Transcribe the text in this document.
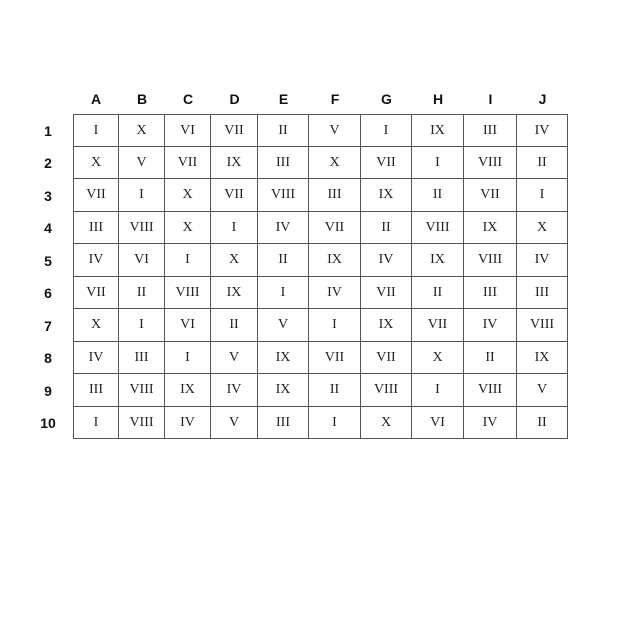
A	B	C	D	E	F	G	H	I	J
1	I	X	VI	VII	II	V	I	IX	III	IV
2	X	V	VII	IX	III	X	VII	I	VIII	II
3	VII	I	X	VII	VIII	III	IX	II	VII	I
4	III	VIII	X	I	IV	VII	II	VIII	IX	X
5	IV	VI	I	X	II	IX	IV	IX	VIII	IV
6	VII	II	VIII	IX	I	IV	VII	II	III	III
7	X	I	VI	II	V	I	IX	VII	IV	VIII
8	IV	III	I	V	IX	VII	VII	X	II	IX
9	III	VIII	IX	IV	IX	II	VIII	I	VIII	V
10	I	VIII	IV	V	III	I	X	VI	IV	II
